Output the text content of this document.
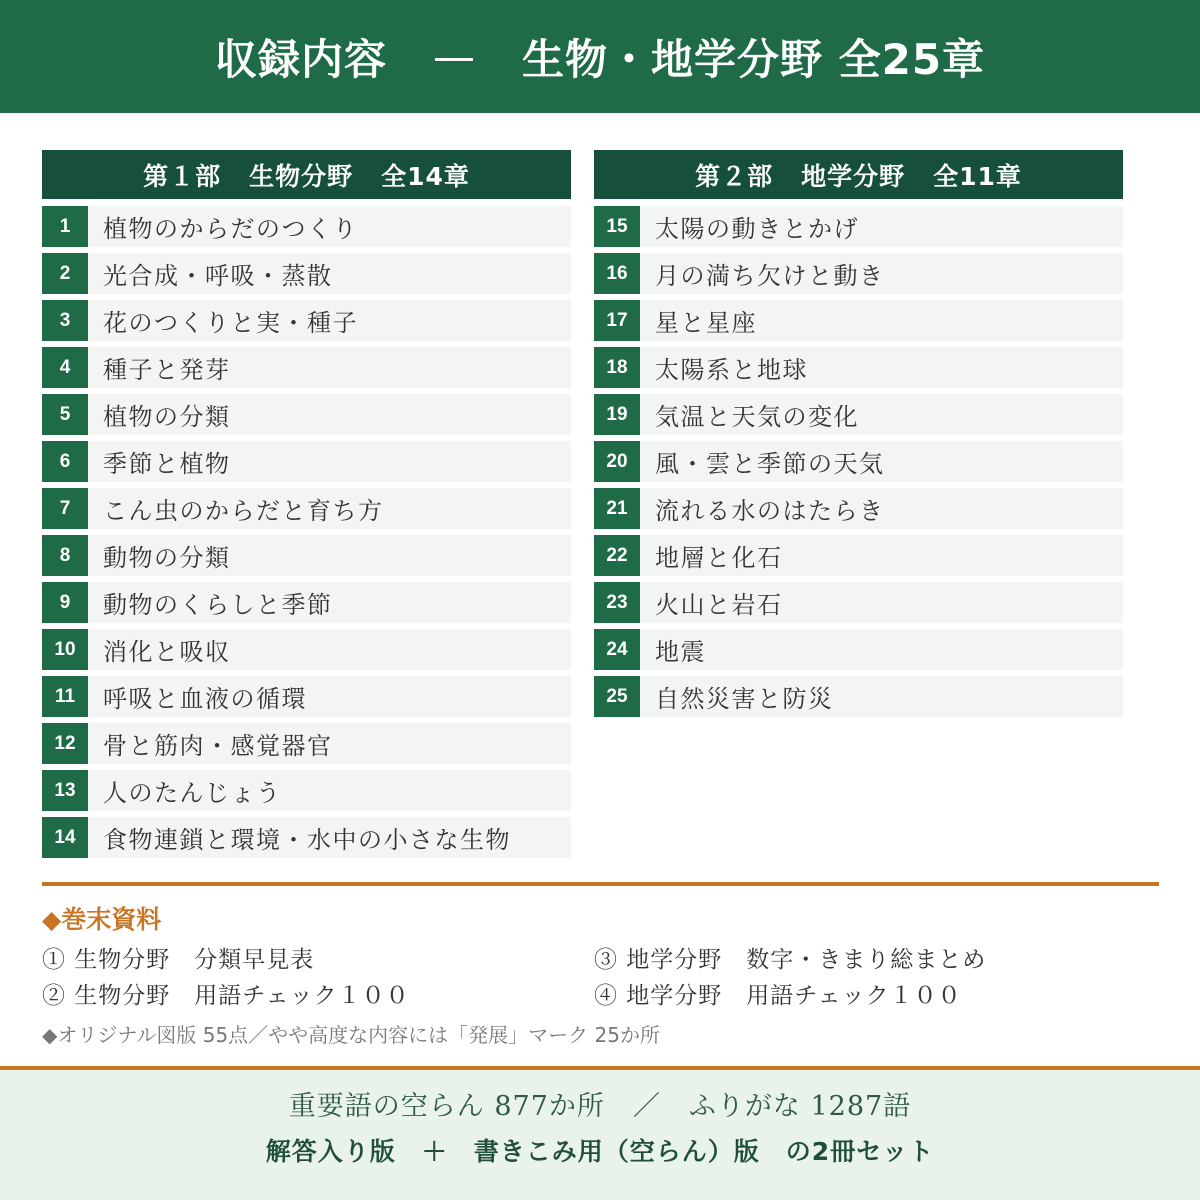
収録内容 — 生物・地学分野 全25章
第１部 生物分野 全14章
1	植物のからだのつくり
2	光合成・呼吸・蒸散
3	花のつくりと実・種子
4	種子と発芽
5	植物の分類
6	季節と植物
7	こん虫のからだと育ち方
8	動物の分類
9	動物のくらしと季節
10	消化と吸収
11	呼吸と血液の循環
12	骨と筋肉・感覚器官
13	人のたんじょう
14	食物連鎖と環境・水中の小さな生物
第２部 地学分野 全11章
15	太陽の動きとかげ
16	月の満ち欠けと動き
17	星と星座
18	太陽系と地球
19	気温と天気の変化
20	風・雲と季節の天気
21	流れる水のはたらき
22	地層と化石
23	火山と岩石
24	地震
25	自然災害と防災
◆巻末資料
① 生物分野　分類早見表
② 生物分野　用語チェック１００
③ 地学分野　数字・きまり総まとめ
④ 地学分野　用語チェック１００
◆オリジナル図版 55点／やや高度な内容には「発展」マーク 25か所
重要語の空らん 877か所　／　ふりがな 1287語
解答入り版　＋　書きこみ用（空らん）版　の2冊セット
